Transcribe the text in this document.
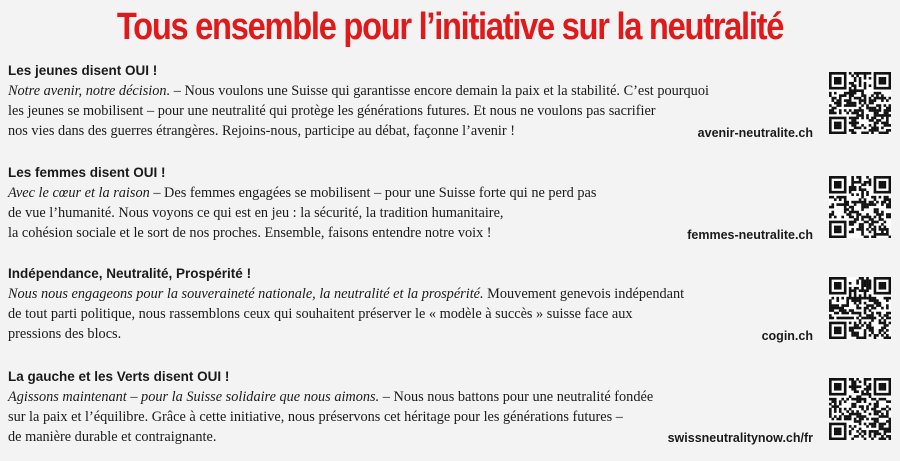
Tous ensemble pour l’initiative sur la neutralité
Les jeunes disent OUI !
Notre avenir, notre décision. – Nous voulons une Suisse qui garantisse encore demain la paix et la stabilité. C’est pourquoi
les jeunes se mobilisent – pour une neutralité qui protège les générations futures. Et nous ne voulons pas sacrifier
nos vies dans des guerres étrangères. Rejoins-nous, participe au débat, façonne l’avenir !	avenir-neutralite.ch
Les femmes disent OUI !
Avec le cœur et la raison – Des femmes engagées se mobilisent – pour une Suisse forte qui ne perd pas
de vue l’humanité. Nous voyons ce qui est en jeu : la sécurité, la tradition humanitaire,
la cohésion sociale et le sort de nos proches. Ensemble, faisons entendre notre voix !	femmes-neutralite.ch
Indépendance, Neutralité, Prospérité !
Nous nous engageons pour la souveraineté nationale, la neutralité et la prospérité. Mouvement genevois indépendant
de tout parti politique, nous rassemblons ceux qui souhaitent préserver le « modèle à succès » suisse face aux
pressions des blocs.	cogin.ch
La gauche et les Verts disent OUI !
Agissons maintenant – pour la Suisse solidaire que nous aimons. – Nous nous battons pour une neutralité fondée
sur la paix et l’équilibre. Grâce à cette initiative, nous préservons cet héritage pour les générations futures –
de manière durable et contraignante.	swissneutralitynow.ch/fr
